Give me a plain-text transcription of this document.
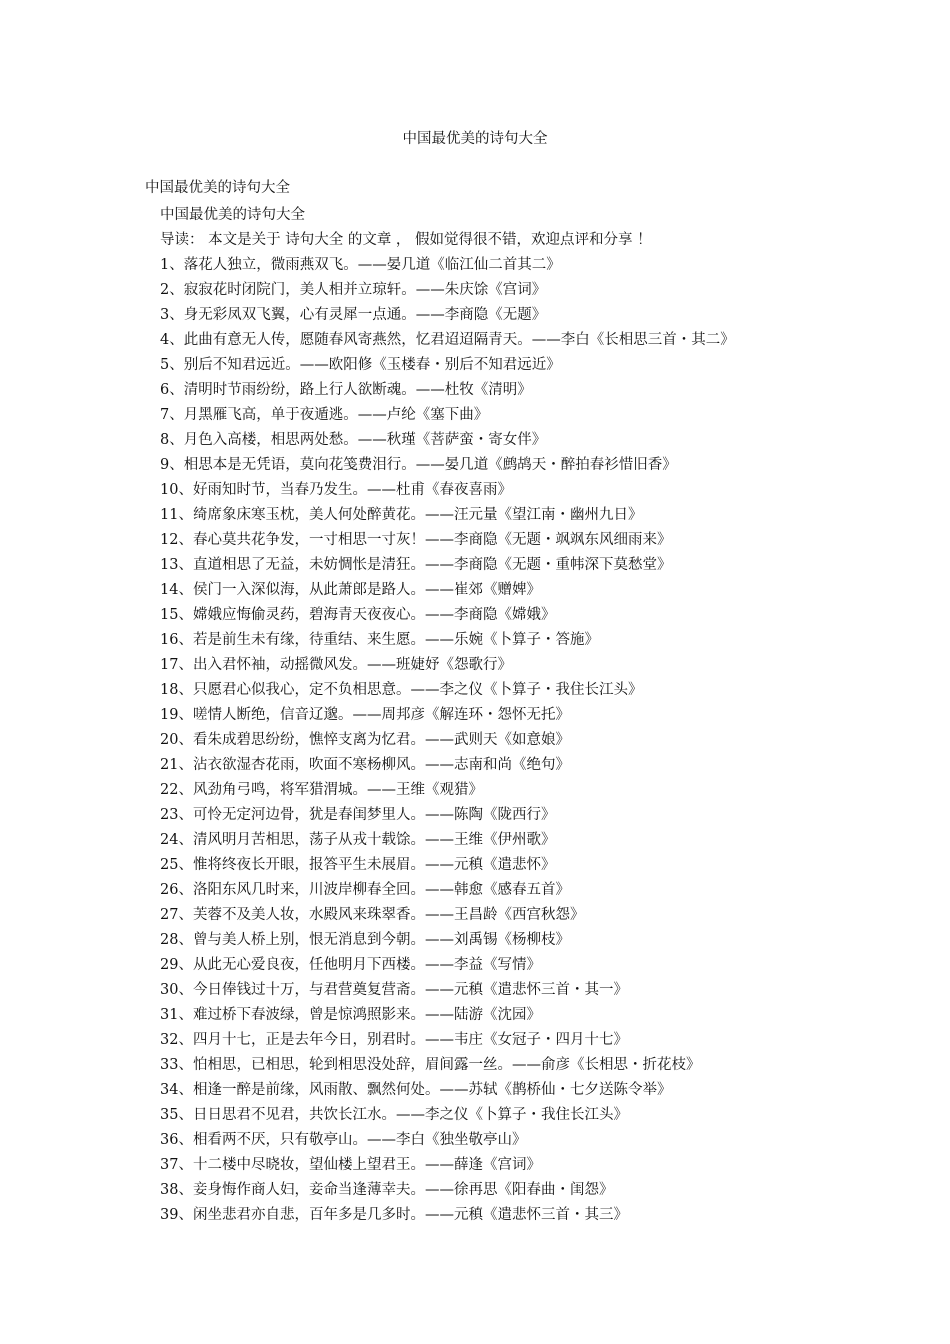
中国最优美的诗句大全
中国最优美的诗句大全
中国最优美的诗句大全
导读： 本文是关于 诗句大全 的文章 ， 假如觉得很不错，欢迎点评和分享 ！
1、落花人独立，微雨燕双飞。——晏几道《临江仙二首其二》
2、寂寂花时闭院门，美人相并立琼轩。——朱庆馀《宫词》
3、身无彩凤双飞翼，心有灵犀一点通。——李商隐《无题》
4、此曲有意无人传，愿随春风寄燕然，忆君迢迢隔青天。——李白《长相思三首・其二》
5、别后不知君远近。——欧阳修《玉楼春・别后不知君远近》
6、清明时节雨纷纷，路上行人欲断魂。——杜牧《清明》
7、月黑雁飞高，单于夜遁逃。——卢纶《塞下曲》
8、月色入高楼，相思两处愁。——秋瑾《菩萨蛮・寄女伴》
9、相思本是无凭语，莫向花笺费泪行。——晏几道《鹧鸪天・醉拍春衫惜旧香》
10、好雨知时节，当春乃发生。——杜甫《春夜喜雨》
11、绮席象床寒玉枕，美人何处醉黄花。——汪元量《望江南・幽州九日》
12、春心莫共花争发，一寸相思一寸灰！——李商隐《无题・飒飒东风细雨来》
13、直道相思了无益，未妨惆怅是清狂。——李商隐《无题・重帏深下莫愁堂》
14、侯门一入深似海，从此萧郎是路人。——崔郊《赠婢》
15、嫦娥应悔偷灵药，碧海青天夜夜心。——李商隐《嫦娥》
16、若是前生未有缘，待重结、来生愿。——乐婉《卜算子・答施》
17、出入君怀袖，动摇微风发。——班婕妤《怨歌行》
18、只愿君心似我心，定不负相思意。——李之仪《卜算子・我住长江头》
19、嗟情人断绝，信音辽邈。——周邦彦《解连环・怨怀无托》
20、看朱成碧思纷纷，憔悴支离为忆君。——武则天《如意娘》
21、沾衣欲湿杏花雨，吹面不寒杨柳风。——志南和尚《绝句》
22、风劲角弓鸣，将军猎渭城。——王维《观猎》
23、可怜无定河边骨，犹是春闺梦里人。——陈陶《陇西行》
24、清风明月苦相思，荡子从戎十载馀。——王维《伊州歌》
25、惟将终夜长开眼，报答平生未展眉。——元稹《遣悲怀》
26、洛阳东风几时来，川波岸柳春全回。——韩愈《感春五首》
27、芙蓉不及美人妆，水殿风来珠翠香。——王昌龄《西宫秋怨》
28、曾与美人桥上别，恨无消息到今朝。——刘禹锡《杨柳枝》
29、从此无心爱良夜，任他明月下西楼。——李益《写情》
30、今日俸钱过十万，与君营奠复营斋。——元稹《遣悲怀三首・其一》
31、难过桥下春波绿，曾是惊鸿照影来。——陆游《沈园》
32、四月十七，正是去年今日，别君时。——韦庄《女冠子・四月十七》
33、怕相思，已相思，轮到相思没处辞，眉间露一丝。——俞彦《长相思・折花枝》
34、相逢一醉是前缘，风雨散、飘然何处。——苏轼《鹊桥仙・七夕送陈令举》
35、日日思君不见君，共饮长江水。——李之仪《卜算子・我住长江头》
36、相看两不厌，只有敬亭山。——李白《独坐敬亭山》
37、十二楼中尽晓妆，望仙楼上望君王。——薛逢《宫词》
38、妾身悔作商人妇，妾命当逢薄幸夫。——徐再思《阳春曲・闺怨》
39、闲坐悲君亦自悲，百年多是几多时。——元稹《遣悲怀三首・其三》
